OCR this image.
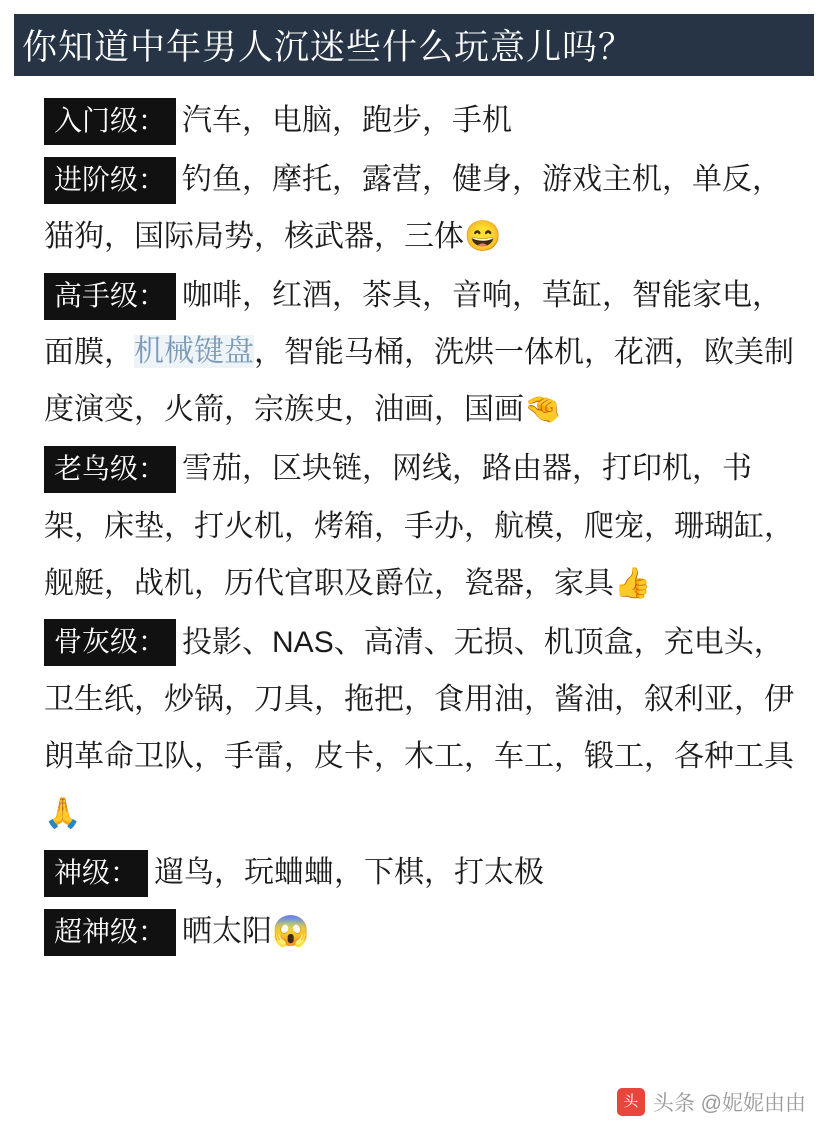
你知道中年男人沉迷些什么玩意儿吗？
入门级： 汽车，电脑，跑步，手机
进阶级： 钓鱼，摩托，露营，健身，游戏主机，单反，猫狗，国际局势，核武器，三体😄
高手级： 咖啡，红酒，茶具，音响，草缸，智能家电，面膜，机械键盘，智能马桶，洗烘一体机，花洒，欧美制度演变，火箭，宗族史，油画，国画🤏
老鸟级： 雪茄，区块链，网线，路由器，打印机，书架，床垫，打火机，烤箱，手办，航模，爬宠，珊瑚缸，舰艇，战机，历代官职及爵位，瓷器，家具👍
骨灰级： 投影、NAS、高清、无损、机顶盒，充电头，卫生纸，炒锅，刀具，拖把，食用油，酱油，叙利亚，伊朗革命卫队，手雷，皮卡，木工，车工，锻工，各种工具🙏
神级： 遛鸟，玩蛐蛐，下棋，打太极
超神级： 晒太阳😱
头条
头条 @妮妮由由
